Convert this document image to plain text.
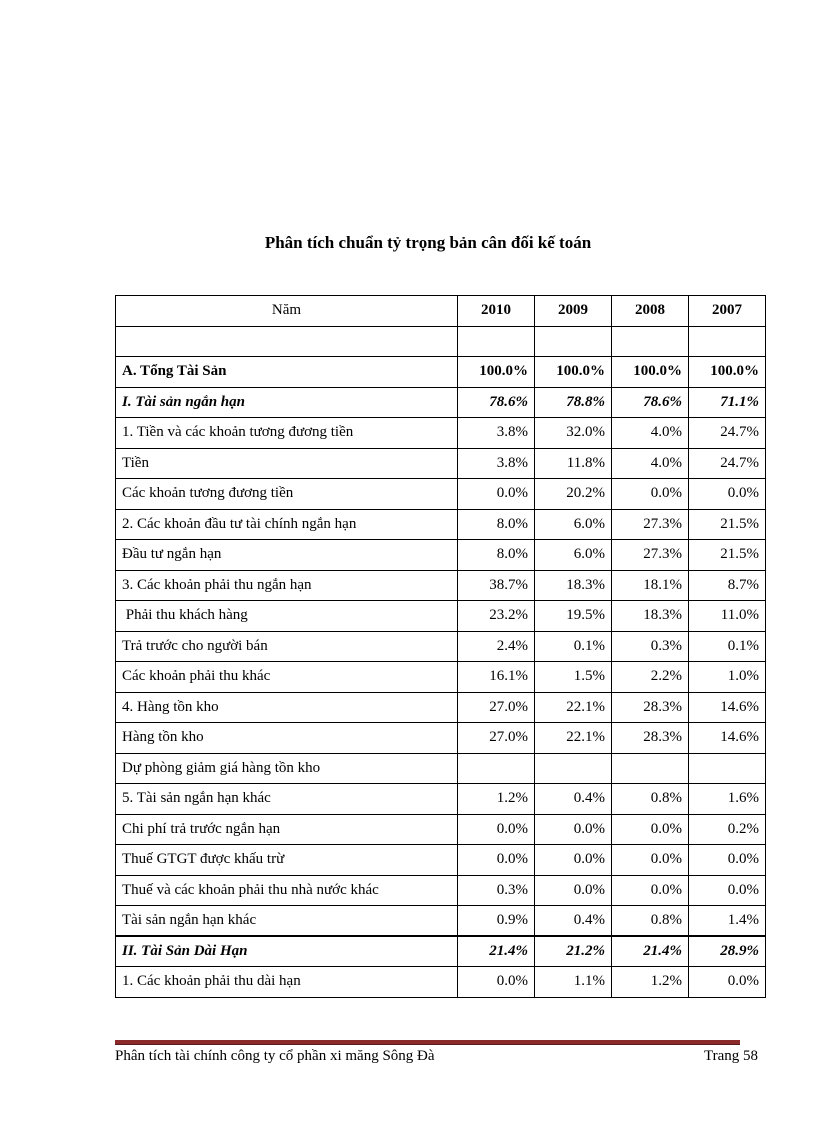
Phân tích chuẩn tỷ trọng bản cân đối kế toán
Năm	2010	2009	2008	2007

A. Tổng Tài Sản	100.0%	100.0%	100.0%	100.0%
I. Tài sản ngắn hạn	78.6%	78.8%	78.6%	71.1%
1. Tiền và các khoản tương đương tiền	3.8%	32.0%	4.0%	24.7%
Tiền	3.8%	11.8%	4.0%	24.7%
Các khoản tương đương tiền	0.0%	20.2%	0.0%	0.0%
2. Các khoản đầu tư tài chính ngắn hạn	8.0%	6.0%	27.3%	21.5%
Đầu tư ngắn hạn	8.0%	6.0%	27.3%	21.5%
3. Các khoản phải thu ngắn hạn	38.7%	18.3%	18.1%	8.7%
Phải thu khách hàng	23.2%	19.5%	18.3%	11.0%
Trả trước cho người bán	2.4%	0.1%	0.3%	0.1%
Các khoản phải thu khác	16.1%	1.5%	2.2%	1.0%
4. Hàng tồn kho	27.0%	22.1%	28.3%	14.6%
Hàng tồn kho	27.0%	22.1%	28.3%	14.6%
Dự phòng giảm giá hàng tồn kho				
5. Tài sản ngắn hạn khác	1.2%	0.4%	0.8%	1.6%
Chi phí trả trước ngắn hạn	0.0%	0.0%	0.0%	0.2%
Thuế GTGT được khấu trừ	0.0%	0.0%	0.0%	0.0%
Thuế và các khoản phải thu nhà nước khác	0.3%	0.0%	0.0%	0.0%
Tài sản ngắn hạn khác	0.9%	0.4%	0.8%	1.4%
II. Tài Sản Dài Hạn	21.4%	21.2%	21.4%	28.9%
1. Các khoản phải thu dài hạn	0.0%	1.1%	1.2%	0.0%
Phân tích tài chính công ty cổ phần xi măng Sông Đà	Trang 58
